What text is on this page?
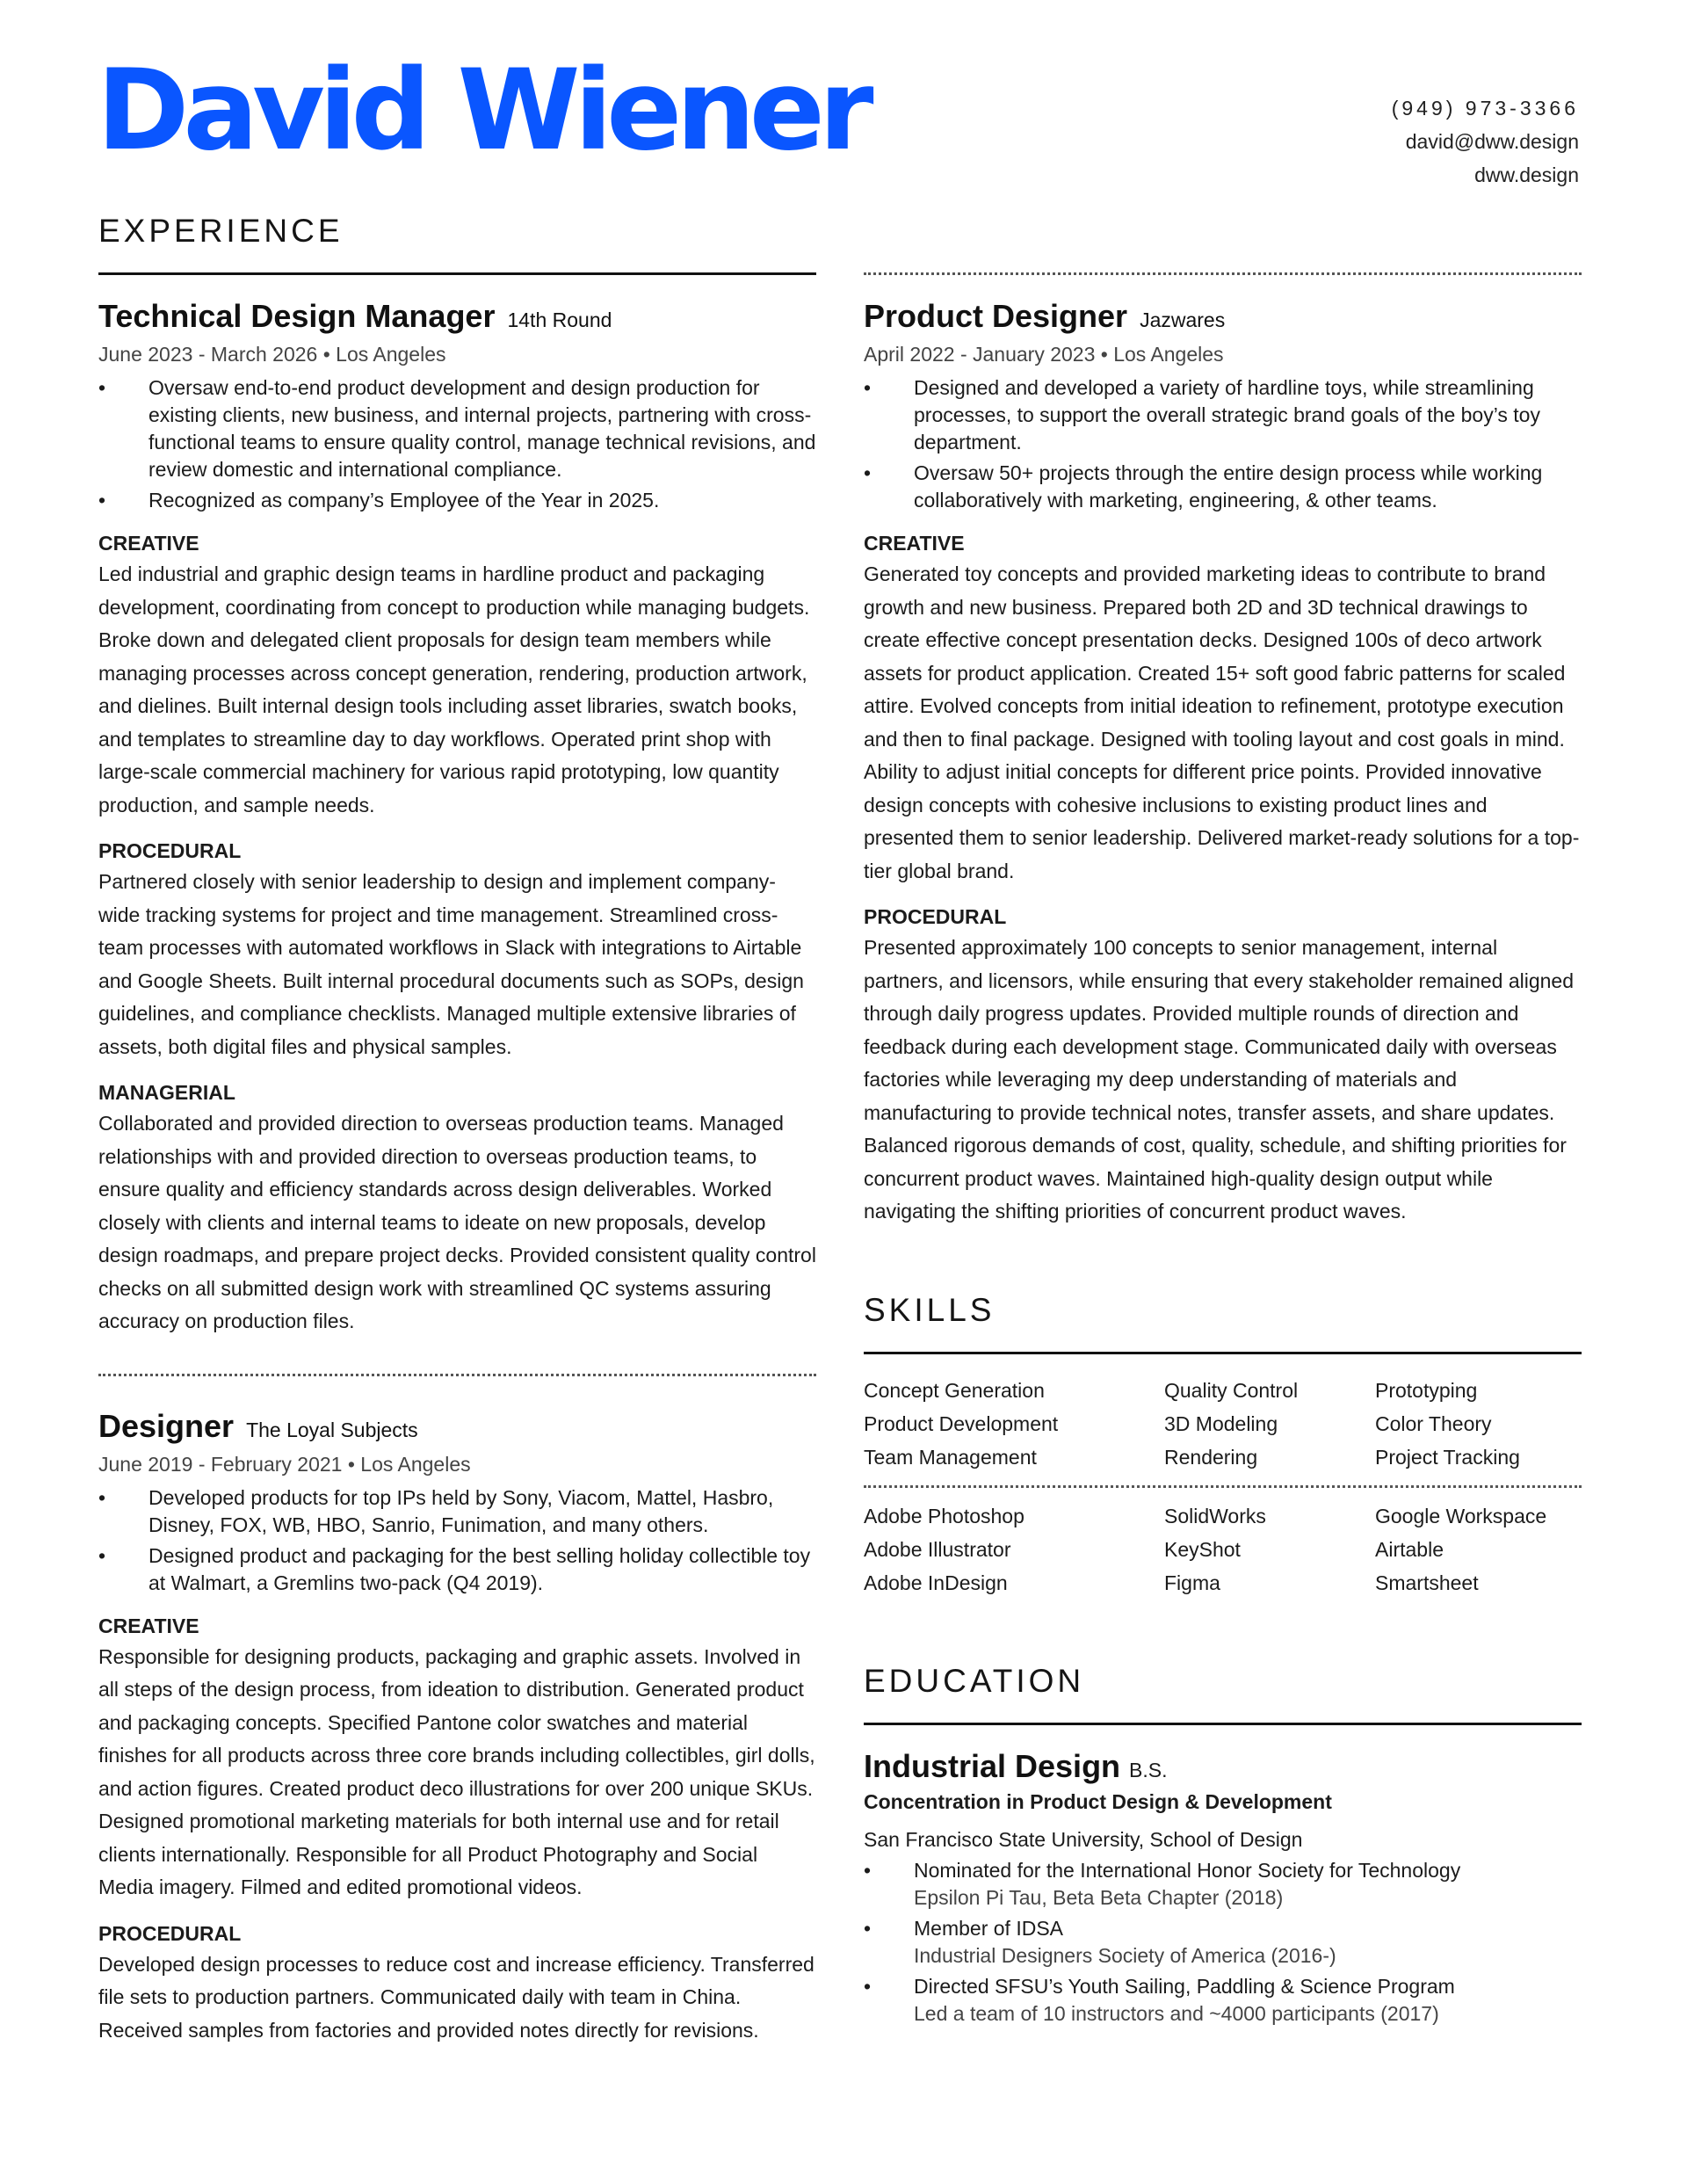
David Wiener	(949) 973-3366
david@dww.design
dww.design
EXPERIENCE
Technical Design Manager 14th Round
June 2023 - March 2026 • Los Angeles
• Oversaw end-to-end product development and design production for existing clients, new business, and internal projects, partnering with cross-functional teams to ensure quality control, manage technical revisions, and review domestic and international compliance.
• Recognized as company’s Employee of the Year in 2025.
CREATIVE

Led industrial and graphic design teams in hardline product and packaging development, coordinating from concept to production while managing budgets. Broke down and delegated client proposals for design team members while managing processes across concept generation, rendering, production artwork, and dielines. Built internal design tools including asset libraries, swatch books, and templates to streamline day to day workflows. Operated print shop with large-scale commercial machinery for various rapid prototyping, low quantity production, and sample needs.

PROCEDURAL

Partnered closely with senior leadership to design and implement company-wide tracking systems for project and time management. Streamlined cross-team processes with automated workflows in Slack with integrations to Airtable and Google Sheets. Built internal procedural documents such as SOPs, design guidelines, and compliance checklists. Managed multiple extensive libraries of assets, both digital files and physical samples.

MANAGERIAL

Collaborated and provided direction to overseas production teams. Managed relationships with and provided direction to overseas production teams, to ensure quality and efficiency standards across design deliverables. Worked closely with clients and internal teams to ideate on new proposals, develop design roadmaps, and prepare project decks. Provided consistent quality control checks on all submitted design work with streamlined QC systems assuring accuracy on production files.

Designer The Loyal Subjects
June 2019 - February 2021 • Los Angeles
• Developed products for top IPs held by Sony, Viacom, Mattel, Hasbro, Disney, FOX, WB, HBO, Sanrio, Funimation, and many others.
• Designed product and packaging for the best selling holiday collectible toy at Walmart, a Gremlins two-pack (Q4 2019).
CREATIVE

Responsible for designing products, packaging and graphic assets. Involved in all steps of the design process, from ideation to distribution. Generated product and packaging concepts. Specified Pantone color swatches and material finishes for all products across three core brands including collectibles, girl dolls, and action figures. Created product deco illustrations for over 200 unique SKUs. Designed promotional marketing materials for both internal use and for retail clients internationally. Responsible for all Product Photography and Social Media imagery. Filmed and edited promotional videos.

PROCEDURAL

Developed design processes to reduce cost and increase efficiency. Transferred file sets to production partners. Communicated daily with team in China. Received samples from factories and provided notes directly for revisions.

Product Designer Jazwares
April 2022 - January 2023 • Los Angeles
• Designed and developed a variety of hardline toys, while streamlining processes, to support the overall strategic brand goals of the boy’s toy department.
• Oversaw 50+ projects through the entire design process while working collaboratively with marketing, engineering, & other teams.
CREATIVE

Generated toy concepts and provided marketing ideas to contribute to brand growth and new business. Prepared both 2D and 3D technical drawings to create effective concept presentation decks. Designed 100s of deco artwork assets for product application. Created 15+ soft good fabric patterns for scaled attire. Evolved concepts from initial ideation to refinement, prototype execution and then to final package. Designed with tooling layout and cost goals in mind. Ability to adjust initial concepts for different price points. Provided innovative design concepts with cohesive inclusions to existing product lines and presented them to senior leadership. Delivered market-ready solutions for a top-tier global brand.

PROCEDURAL

Presented approximately 100 concepts to senior management, internal partners, and licensors, while ensuring that every stakeholder remained aligned through daily progress updates. Provided multiple rounds of direction and feedback during each development stage. Communicated daily with overseas factories while leveraging my deep understanding of materials and manufacturing to provide technical notes, transfer assets, and share updates. Balanced rigorous demands of cost, quality, schedule, and shifting priorities for concurrent product waves. Maintained high-quality design output while navigating the shifting priorities of concurrent product waves.

SKILLS
Concept Generation	Quality Control	Prototyping
Product Development	3D Modeling	Color Theory
Team Management	Rendering	Project Tracking
Adobe Photoshop	SolidWorks	Google Workspace
Adobe Illustrator	KeyShot	Airtable
Adobe InDesign	Figma	Smartsheet
EDUCATION
Industrial Design B.S.
Concentration in Product Design & Development
San Francisco State University, School of Design
• Nominated for the International Honor Society for Technology
Epsilon Pi Tau, Beta Beta Chapter (2018)
• Member of IDSA
Industrial Designers Society of America (2016-)
• Directed SFSU’s Youth Sailing, Paddling & Science Program
Led a team of 10 instructors and ~4000 participants (2017)
